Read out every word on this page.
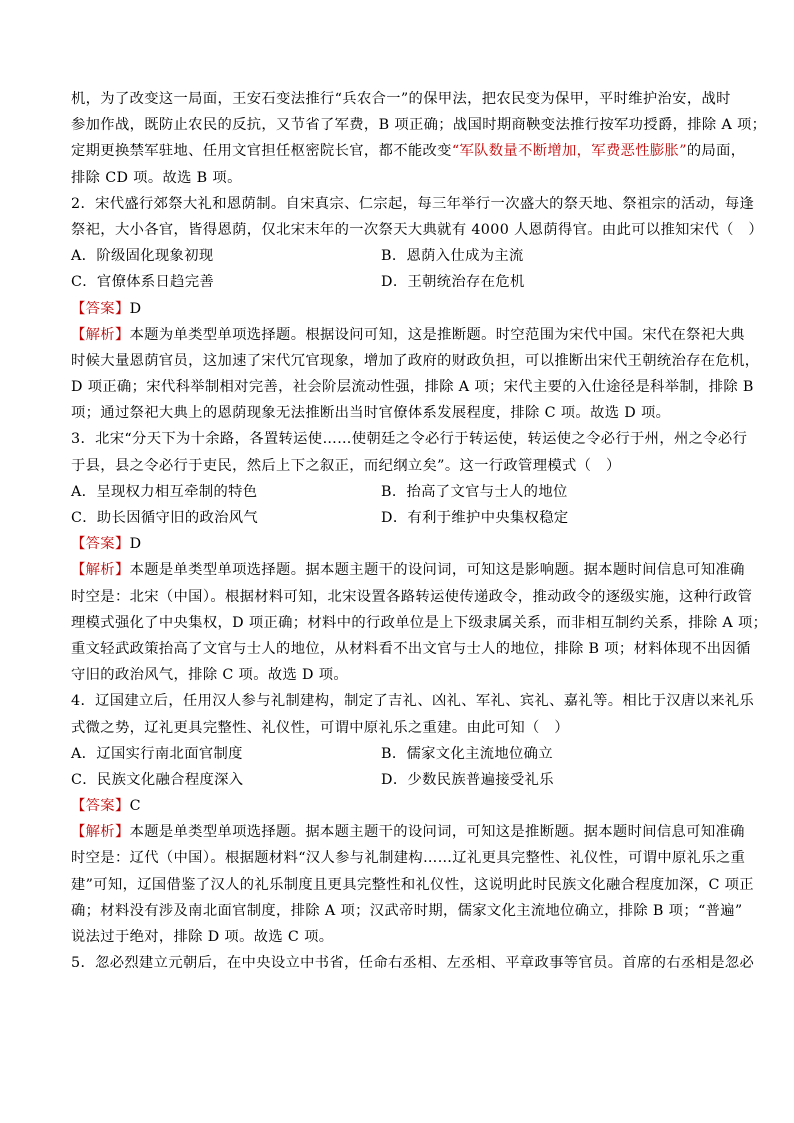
机，为了改变这一局面，王安石变法推行“兵农合一”的保甲法，把农民变为保甲，平时维护治安，战时
参加作战，既防止农民的反抗，又节省了军费，B 项正确；战国时期商鞅变法推行按军功授爵，排除 A 项；
定期更换禁军驻地、任用文官担任枢密院长官，都不能改变“军队数量不断增加，军费恶性膨胀”的局面，
排除 CD 项。故选 B 项。
2．宋代盛行郊祭大礼和恩荫制。自宋真宗、仁宗起，每三年举行一次盛大的祭天地、祭祖宗的活动，每逢
祭祀，大小各官，皆得恩荫，仅北宋末年的一次祭天大典就有 4000 人恩荫得官。由此可以推知宋代（　）
A．阶级固化现象初现	B．恩荫入仕成为主流
C．官僚体系日趋完善	D．王朝统治存在危机
【答案】D
【解析】本题为单类型单项选择题。根据设问可知，这是推断题。时空范围为宋代中国。宋代在祭祀大典
时候大量恩荫官员，这加速了宋代冗官现象，增加了政府的财政负担，可以推断出宋代王朝统治存在危机，
D 项正确；宋代科举制相对完善，社会阶层流动性强，排除 A 项；宋代主要的入仕途径是科举制，排除 B
项；通过祭祀大典上的恩荫现象无法推断出当时官僚体系发展程度，排除 C 项。故选 D 项。
3．北宋“分天下为十余路，各置转运使……使朝廷之令必行于转运使，转运使之令必行于州，州之令必行
于县，县之令必行于吏民，然后上下之叙正，而纪纲立矣”。这一行政管理模式（　）
A．呈现权力相互牵制的特色	B．抬高了文官与士人的地位
C．助长因循守旧的政治风气	D．有利于维护中央集权稳定
【答案】D
【解析】本题是单类型单项选择题。据本题主题干的设问词，可知这是影响题。据本题时间信息可知准确
时空是：北宋（中国）。根据材料可知，北宋设置各路转运使传递政令，推动政令的逐级实施，这种行政管
理模式强化了中央集权，D 项正确；材料中的行政单位是上下级隶属关系，而非相互制约关系，排除 A 项；
重文轻武政策抬高了文官与士人的地位，从材料看不出文官与士人的地位，排除 B 项；材料体现不出因循
守旧的政治风气，排除 C 项。故选 D 项。
4．辽国建立后，任用汉人参与礼制建构，制定了吉礼、凶礼、军礼、宾礼、嘉礼等。相比于汉唐以来礼乐
式微之势，辽礼更具完整性、礼仪性，可谓中原礼乐之重建。由此可知（　）
A．辽国实行南北面官制度	B．儒家文化主流地位确立
C．民族文化融合程度深入	D．少数民族普遍接受礼乐
【答案】C
【解析】本题是单类型单项选择题。据本题主题干的设问词，可知这是推断题。据本题时间信息可知准确
时空是：辽代（中国）。根据题材料“汉人参与礼制建构……辽礼更具完整性、礼仪性，可谓中原礼乐之重
建”可知，辽国借鉴了汉人的礼乐制度且更具完整性和礼仪性，这说明此时民族文化融合程度加深，C 项正
确；材料没有涉及南北面官制度，排除 A 项；汉武帝时期，儒家文化主流地位确立，排除 B 项；“普遍”
说法过于绝对，排除 D 项。故选 C 项。
5．忽必烈建立元朝后，在中央设立中书省，任命右丞相、左丞相、平章政事等官员。首席的右丞相是忽必
